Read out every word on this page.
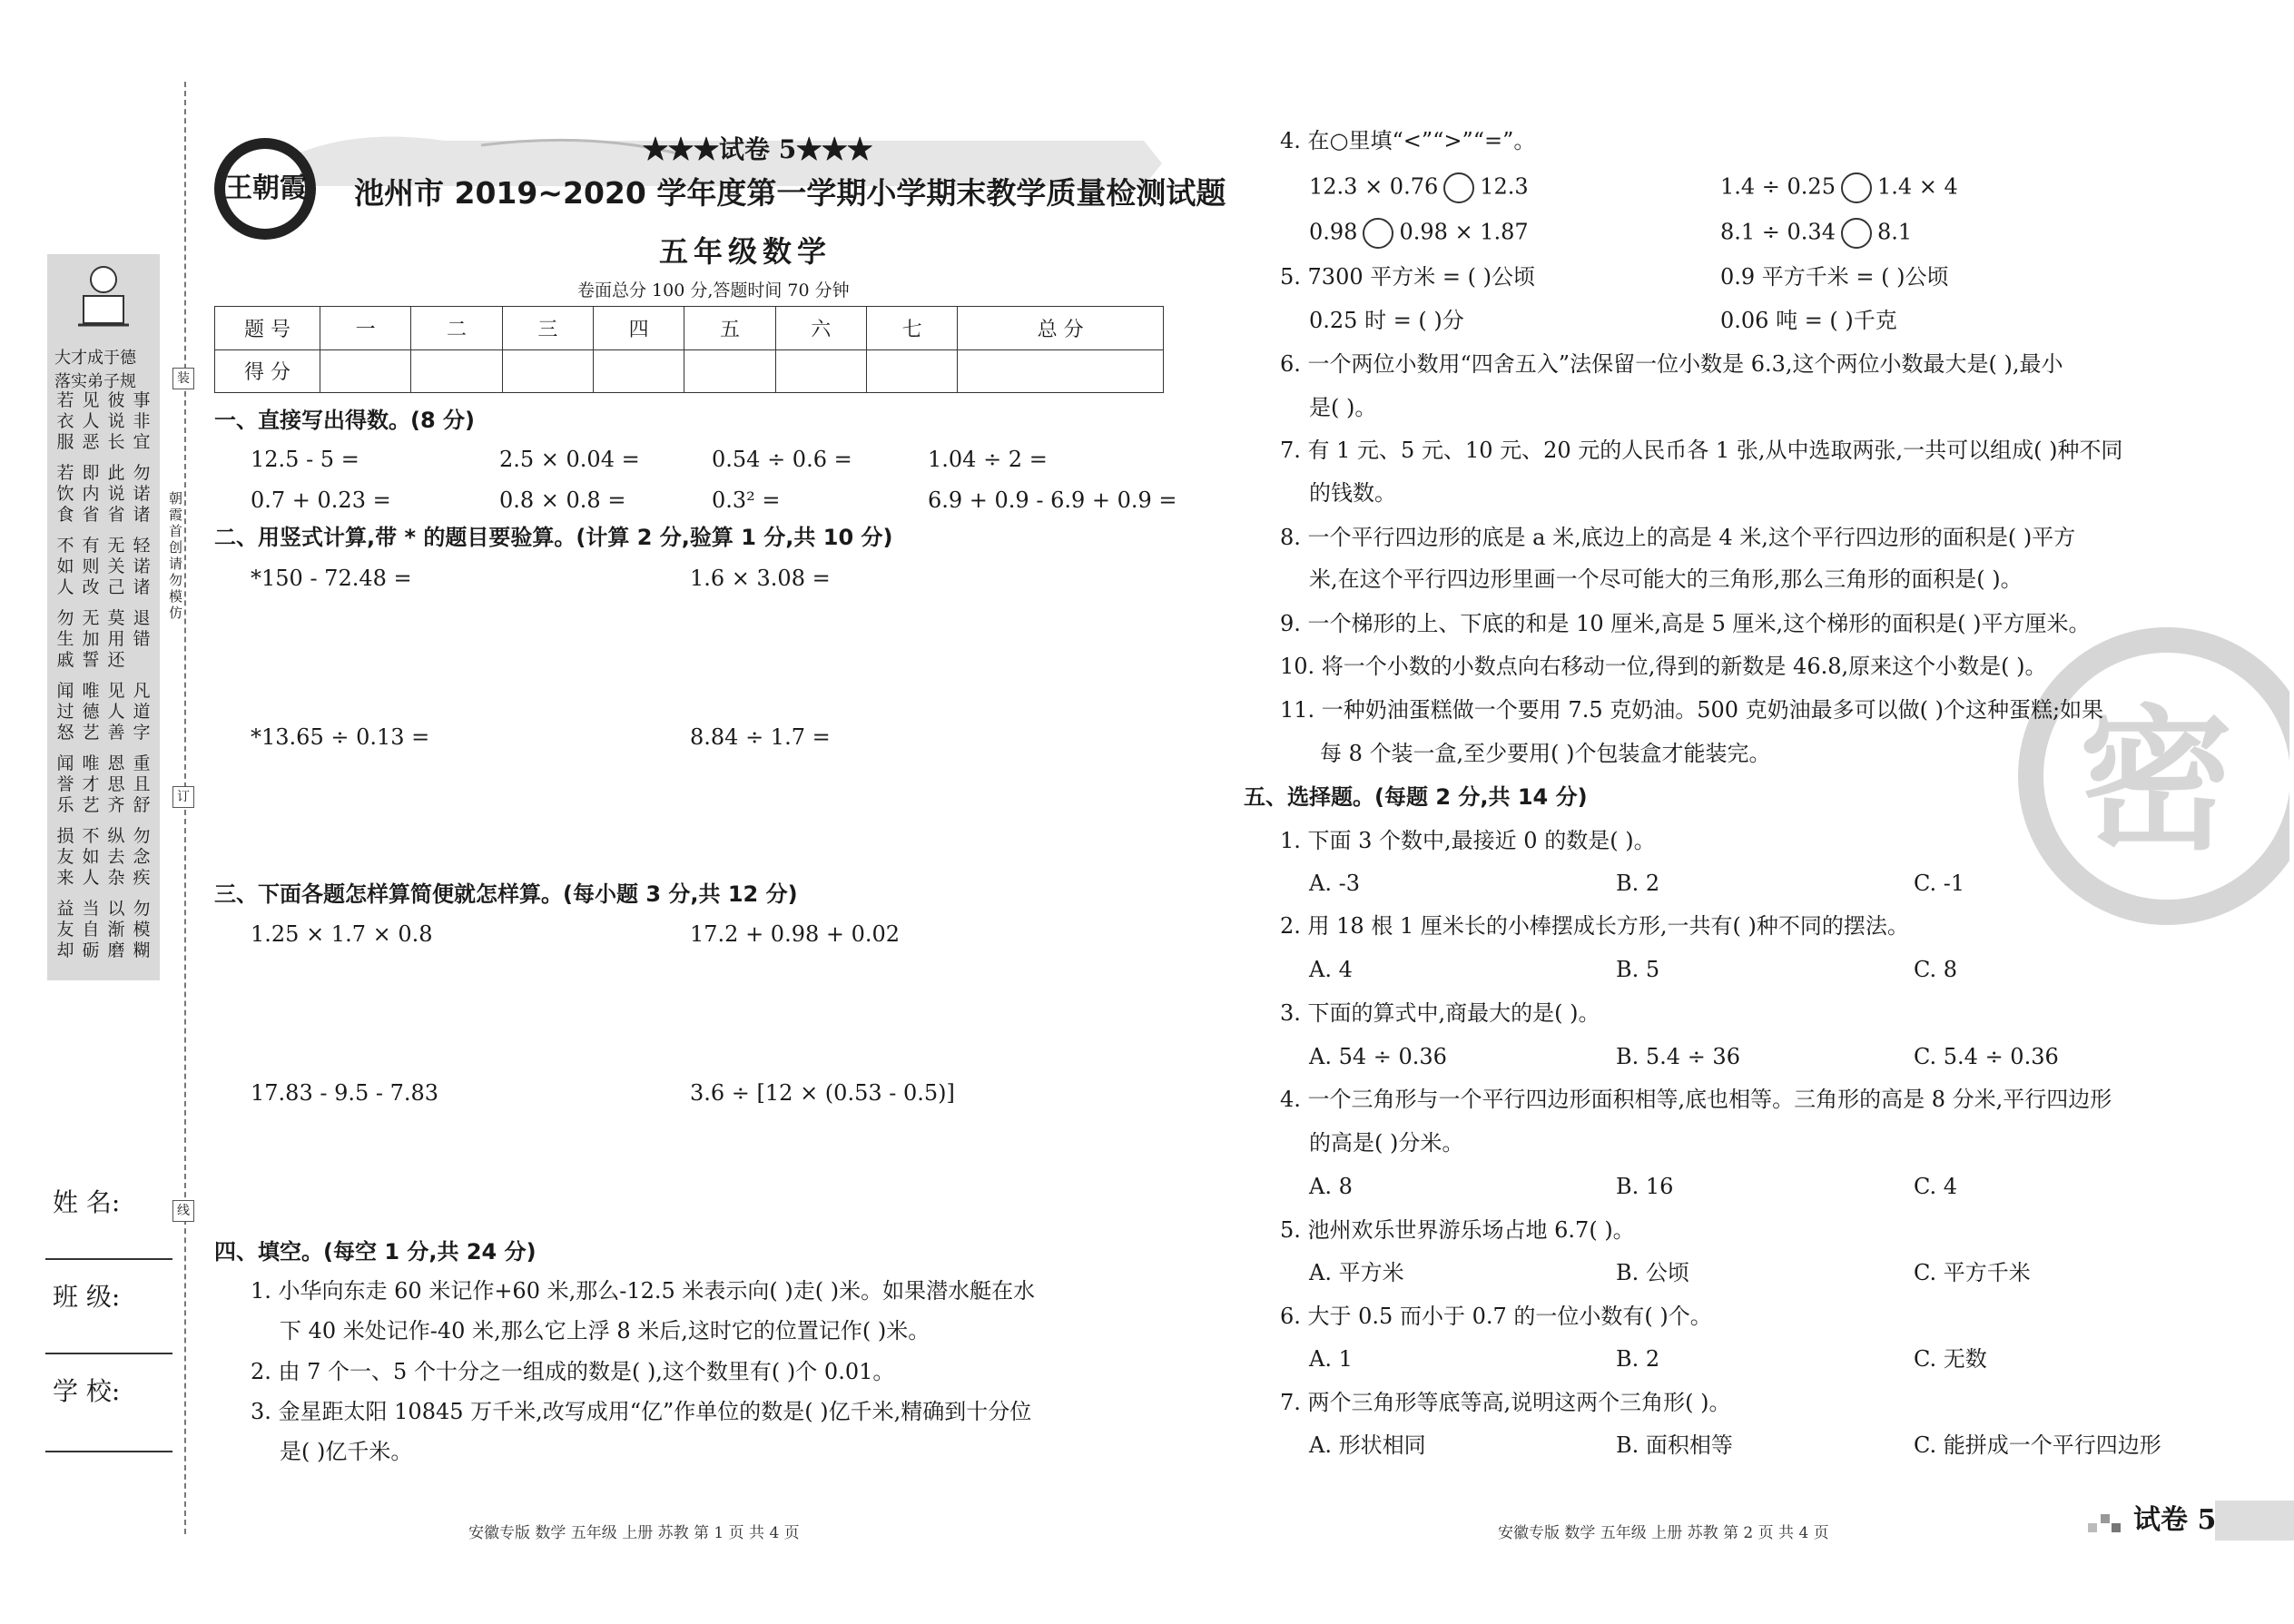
大才成于德
落实弟子规
若衣服
见人恶
彼说长
事非宜
若饮食
即内省
此说省
勿诺诸
不如人
有则改
无关己
轻诺诸
勿生戚
无加誓
莫用还
退错
闻过怒
唯德艺
见人善
凡道字
闻誉乐
唯才艺
恩思齐
重且舒
损友来
不如人
纵去杂
勿念疾
益友却
当自砺
以渐磨
勿模糊
装
朝霞首创 请勿模仿
订
线
姓 名:
班 级:
学 校:
王朝霞
★★★试卷 5★★★
池州市 2019~2020 学年度第一学期小学期末教学质量检测试题
五年级数学
卷面总分 100 分,答题时间 70 分钟
题 号	一	二	三	四	五	六	七	总 分
得 分								
一、直接写出得数。(8 分)
12.5 - 5 =	2.5 × 0.04 =	0.54 ÷ 0.6 =	1.04 ÷ 2 =
0.7 + 0.23 =	0.8 × 0.8 =	0.3² =	6.9 + 0.9 - 6.9 + 0.9 =
二、用竖式计算,带 * 的题目要验算。(计算 2 分,验算 1 分,共 10 分)
*150 - 72.48 =	1.6 × 3.08 =
*13.65 ÷ 0.13 =	8.84 ÷ 1.7 =
三、下面各题怎样算简便就怎样算。(每小题 3 分,共 12 分)
1.25 × 1.7 × 0.8	17.2 + 0.98 + 0.02
17.83 - 9.5 - 7.83	3.6 ÷ [12 × (0.53 - 0.5)]
四、填空。(每空 1 分,共 24 分)
1. 小华向东走 60 米记作+60 米,那么-12.5 米表示向( )走( )米。如果潜水艇在水
下 40 米处记作-40 米,那么它上浮 8 米后,这时它的位置记作( )米。
2. 由 7 个一、5 个十分之一组成的数是( ),这个数里有( )个 0.01。
3. 金星距太阳 10845 万千米,改写成用“亿”作单位的数是( )亿千米,精确到十分位
是( )亿千米。
安徽专版 数学 五年级 上册 苏教 第 1 页 共 4 页
密
4. 在○里填“<”“>”“=”。
12.3 × 0.76 12.3	1.4 ÷ 0.25 1.4 × 4
0.98 0.98 × 1.87	8.1 ÷ 0.34 8.1
5. 7300 平方米 = ( )公顷	0.9 平方千米 = ( )公顷
0.25 时 = ( )分	0.06 吨 = ( )千克
6. 一个两位小数用“四舍五入”法保留一位小数是 6.3,这个两位小数最大是( ),最小
是( )。
7. 有 1 元、5 元、10 元、20 元的人民币各 1 张,从中选取两张,一共可以组成( )种不同
的钱数。
8. 一个平行四边形的底是 a 米,底边上的高是 4 米,这个平行四边形的面积是( )平方
米,在这个平行四边形里画一个尽可能大的三角形,那么三角形的面积是( )。
9. 一个梯形的上、下底的和是 10 厘米,高是 5 厘米,这个梯形的面积是( )平方厘米。
10. 将一个小数的小数点向右移动一位,得到的新数是 46.8,原来这个小数是( )。
11. 一种奶油蛋糕做一个要用 7.5 克奶油。500 克奶油最多可以做( )个这种蛋糕;如果
每 8 个装一盒,至少要用( )个包装盒才能装完。
五、选择题。(每题 2 分,共 14 分)
1. 下面 3 个数中,最接近 0 的数是( )。
A. -3	B. 2	C. -1
2. 用 18 根 1 厘米长的小棒摆成长方形,一共有( )种不同的摆法。
A. 4	B. 5	C. 8
3. 下面的算式中,商最大的是( )。
A. 54 ÷ 0.36	B. 5.4 ÷ 36	C. 5.4 ÷ 0.36
4. 一个三角形与一个平行四边形面积相等,底也相等。三角形的高是 8 分米,平行四边形
的高是( )分米。
A. 8	B. 16	C. 4
5. 池州欢乐世界游乐场占地 6.7( )。
A. 平方米	B. 公顷	C. 平方千米
6. 大于 0.5 而小于 0.7 的一位小数有( )个。
A. 1	B. 2	C. 无数
7. 两个三角形等底等高,说明这两个三角形( )。
A. 形状相同	B. 面积相等	C. 能拼成一个平行四边形
安徽专版 数学 五年级 上册 苏教 第 2 页 共 4 页	试卷 5
